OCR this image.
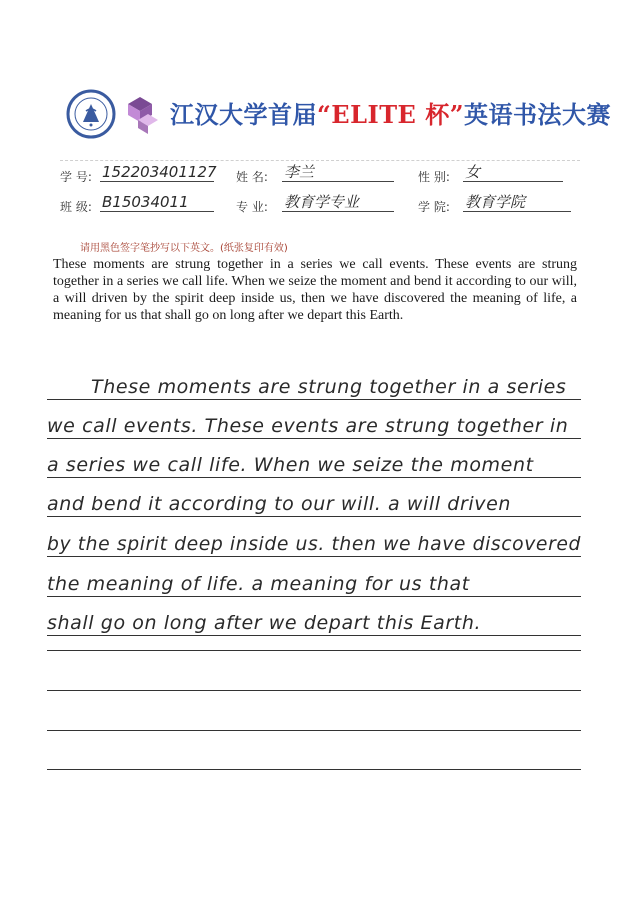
江汉大学首届“ELITE 杯”英语书法大赛
学 号: 152203401127 姓 名: 李兰	性 别: 女
班 级: B15034011	专 业: 教育学专业	学 院: 教育学院
请用黑色签字笔抄写以下英文。(纸张复印有效)

These moments are strung together in a series we call events. These events are strung together in a series we call life. When we seize the moment and bend it according to our will, a will driven by the spirit deep inside us, then we have discovered the meaning of life, a meaning for us that shall go on long after we depart this Earth.

These moments are strung together in a series
we call events. These events are strung together in
a series we call life. When we seize the moment
and bend it according to our will. a will driven
by the spirit deep inside us. then we have discovered
the meaning of life. a meaning for us that
shall go on long after we depart this Earth.
